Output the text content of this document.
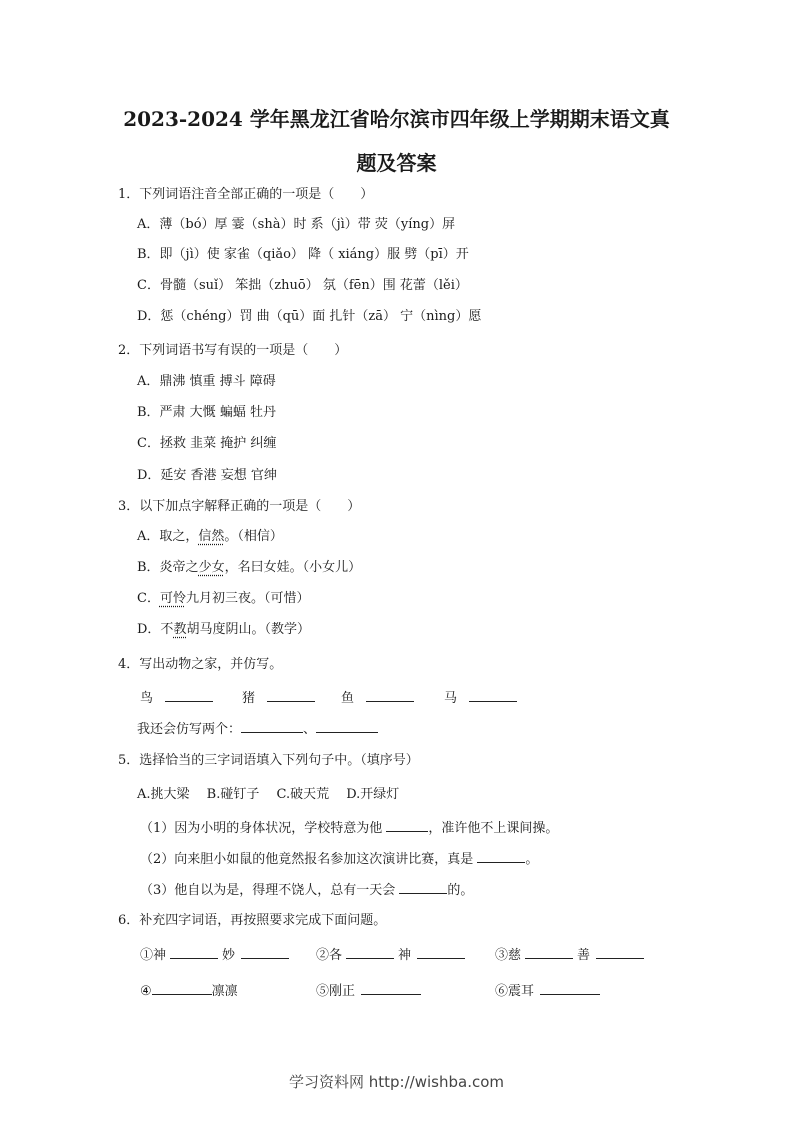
2023-2024 学年黑龙江省哈尔滨市四年级上学期期末语文真
题及答案
1．下列词语注音全部正确的一项是（　　）
A．薄（bó）厚 霎（shà）时 系（jì）带 荧（yíng）屏
B．即（jì）使 家雀（qiǎo） 降（ xiáng）服 劈（pī）开
C．骨髓（suǐ） 笨拙（zhuō） 氛（fēn）围 花蕾（lěi）
D．惩（chéng）罚 曲（qū）面 扎针（zā） 宁（nìng）愿
2．下列词语书写有误的一项是（　　）
A．鼎沸 慎重 搏斗 障碍
B．严肃 大慨 蝙蝠 牡丹
C．拯救 韭菜 掩护 纠缠
D．延安 香港 妄想 官绅
3．以下加点字解释正确的一项是（　　）
A．取之，信然。（相信）
B．炎帝之少女，名曰女娃。（小女儿）
C．可怜九月初三夜。（可惜）
D．不教胡马度阴山。（教学）
4．写出动物之家，并仿写。
鸟	猪	鱼	马
我还会仿写两个：	、
5．选择恰当的三字词语填入下列句子中。（填序号）
A.挑大梁　 B.碰钉子　 C.破天荒　 D.开绿灯
（1）因为小明的身体状况，学校特意为他	，准许他不上课间操。
（2）向来胆小如鼠的他竟然报名参加这次演讲比赛，真是	。
（3）他自以为是，得理不饶人，总有一天会	的。
6．补充四字词语，再按照要求完成下面问题。
①神	妙	②各	神	③慈	善
④	凛凛	⑤刚正	⑥震耳
学习资料网 http://wishba.com
